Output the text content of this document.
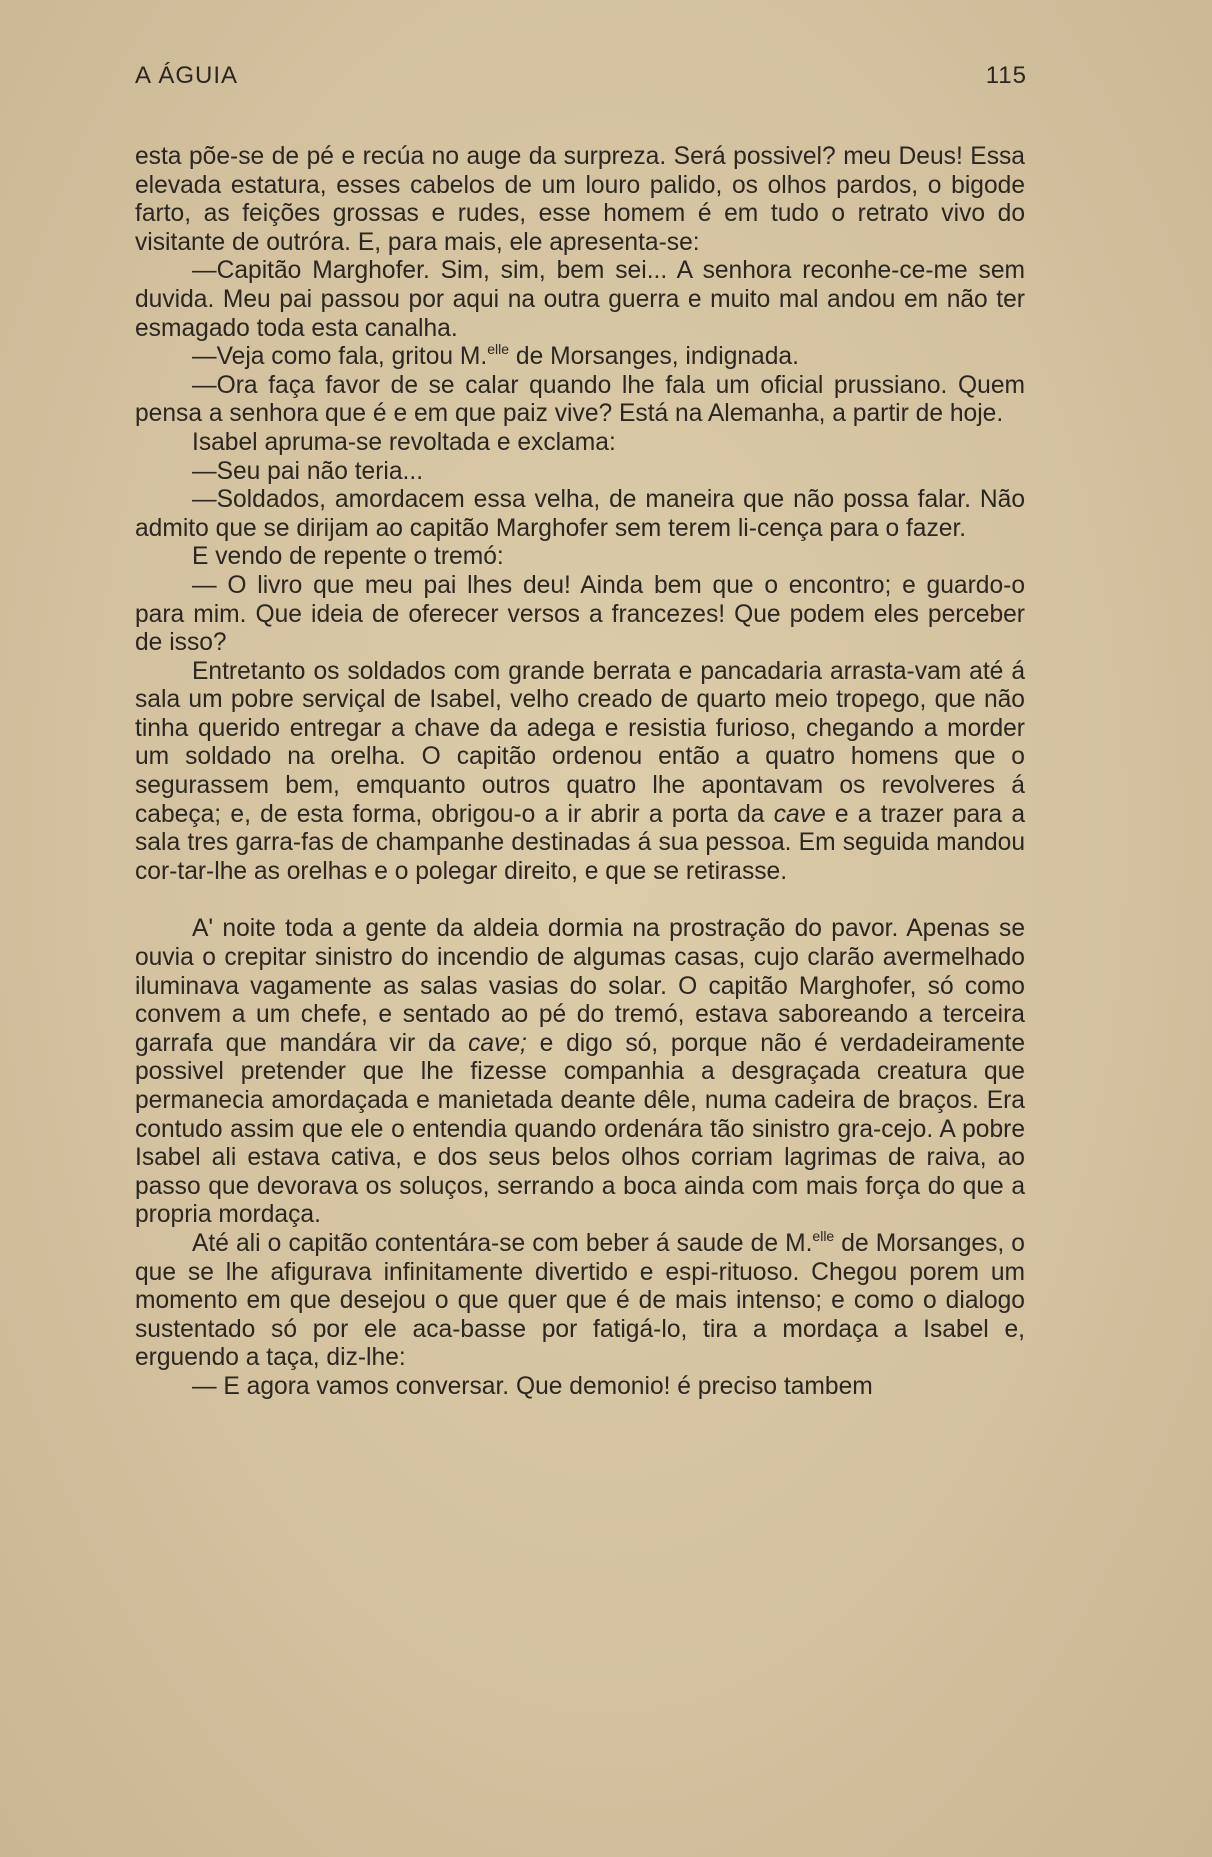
A ÁGUIA	115

esta põe-se de pé e recúa no auge da surpreza. Será possivel? meu Deus! Essa elevada estatura, esses cabelos de um louro palido, os olhos pardos, o bigode farto, as feições grossas e rudes, esse homem é em tudo o retrato vivo do visitante de outróra. E, para mais, ele apresenta-se:

—Capitão Marghofer. Sim, sim, bem sei... A senhora reconhe-ce-me sem duvida. Meu pai passou por aqui na outra guerra e muito mal andou em não ter esmagado toda esta canalha.

—Veja como fala, gritou M.$^{elle}$ de Morsanges, indignada.

—Ora faça favor de se calar quando lhe fala um oficial prussiano. Quem pensa a senhora que é e em que paiz vive? Está na Alemanha, a partir de hoje.

Isabel apruma-se revoltada e exclama:

—Seu pai não teria...

—Soldados, amordacem essa velha, de maneira que não possa falar. Não admito que se dirijam ao capitão Marghofer sem terem li-cença para o fazer.

E vendo de repente o tremó:

— O livro que meu pai lhes deu! Ainda bem que o encontro; e guardo-o para mim. Que ideia de oferecer versos a francezes! Que podem eles perceber de isso?

Entretanto os soldados com grande berrata e pancadaria arrasta-vam até á sala um pobre serviçal de Isabel, velho creado de quarto meio tropego, que não tinha querido entregar a chave da adega e resistia furioso, chegando a morder um soldado na orelha. O capitão ordenou então a quatro homens que o segurassem bem, emquanto outros quatro lhe apontavam os revolveres á cabeça; e, de esta forma, obrigou-o a ir abrir a porta da cave e a trazer para a sala tres garra-fas de champanhe destinadas á sua pessoa. Em seguida mandou cor-tar-lhe as orelhas e o polegar direito, e que se retirasse.

A' noite toda a gente da aldeia dormia na prostração do pavor. Apenas se ouvia o crepitar sinistro do incendio de algumas casas, cujo clarão avermelhado iluminava vagamente as salas vasias do solar. O capitão Marghofer, só como convem a um chefe, e sentado ao pé do tremó, estava saboreando a terceira garrafa que mandára vir da cave; e digo só, porque não é verdadeiramente possivel pretender que lhe fizesse companhia a desgraçada creatura que permanecia amordaçada e manietada deante dêle, numa cadeira de braços. Era contudo assim que ele o entendia quando ordenára tão sinistro gra-cejo. A pobre Isabel ali estava cativa, e dos seus belos olhos corriam lagrimas de raiva, ao passo que devorava os soluços, serrando a boca ainda com mais força do que a propria mordaça.

Até ali o capitão contentára-se com beber á saude de M.$^{elle}$ de Morsanges, o que se lhe afigurava infinitamente divertido e espi-rituoso. Chegou porem um momento em que desejou o que quer que é de mais intenso; e como o dialogo sustentado só por ele aca-basse por fatigá-lo, tira a mordaça a Isabel e, erguendo a taça, diz-lhe:

— E agora vamos conversar. Que demonio! é preciso tambem
